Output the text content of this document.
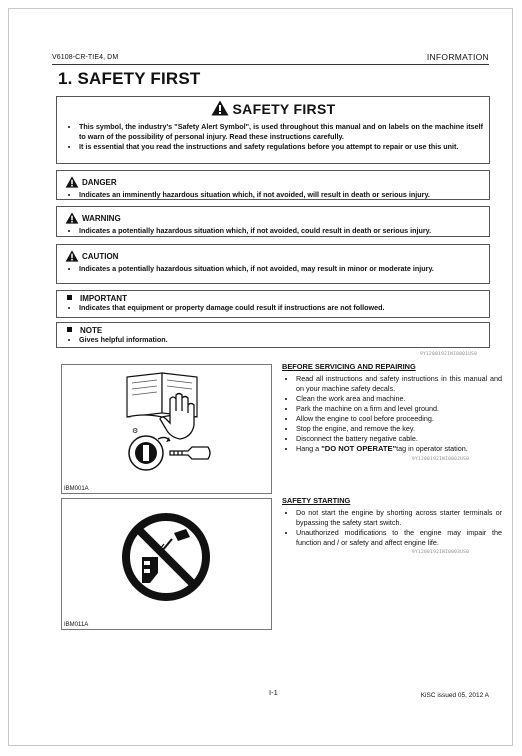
V6108-CR-TIE4, DM	INFORMATION
1. SAFETY FIRST
SAFETY FIRST
• This symbol, the industry's "Safety Alert Symbol", is used throughout this manual and on labels on the machine itself to warn of the possibility of personal injury. Read these instructions carefully.
• It is essential that you read the instructions and safety regulations before you attempt to repair or use this unit.
DANGER
• Indicates an imminently hazardous situation which, if not avoided, will result in death or serious injury.
WARNING
• Indicates a potentially hazardous situation which, if not avoided, could result in death or serious injury.
CAUTION
• Indicates a potentially hazardous situation which, if not avoided, may result in minor or moderate injury.
IMPORTANT
• Indicates that equipment or property damage could result if instructions are not followed.
NOTE
• Gives helpful information.
9Y1200192INI0001US0
⚙
IBM001A
BEFORE SERVICING AND REPAIRING
• Read all instructions and safety instructions in this manual and on your machine safety decals.
• Clean the work area and machine.
• Park the machine on a firm and level ground.
• Allow the engine to cool before proceeding.
• Stop the engine, and remove the key.
• Disconnect the battery negative cable.
• Hang a "DO NOT OPERATE"tag in operator station.
9Y1200192INI0002US0
IBM011A
SAFETY STARTING
• Do not start the engine by shorting across starter terminals or bypassing the safety start switch.
• Unauthorized modifications to the engine may impair the function and / or safety and affect engine life.
9Y1200192INI0003US0
I-1	KiSC issued 05, 2012 A
